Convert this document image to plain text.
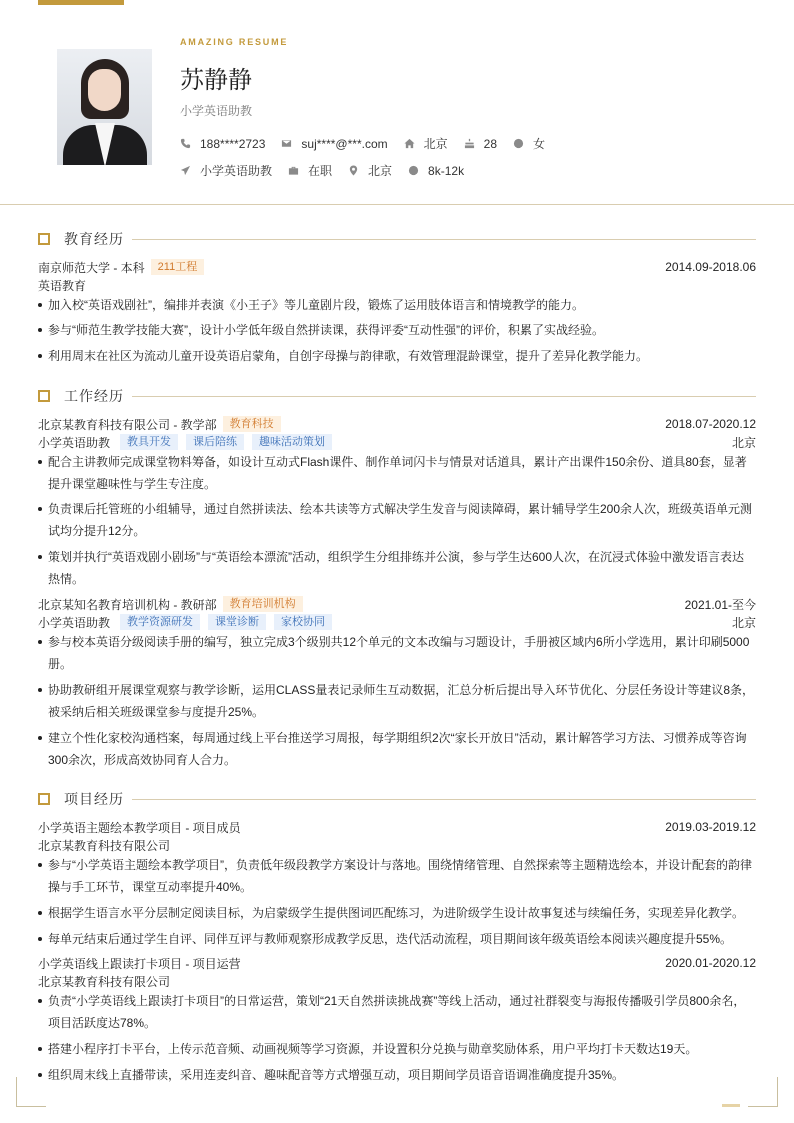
AMAZING RESUME
苏静静
小学英语助教
188****2723	suj****@***.com	北京	28	女
小学英语助教	在职	北京	8k-12k
教育经历
南京师范大学 - 本科	211工程	2014.09-2018.06
英语教育
加入校“英语戏剧社”，编排并表演《小王子》等儿童剧片段，锻炼了运用肢体语言和情境教学的能力。
参与“师范生教学技能大赛”，设计小学低年级自然拼读课，获得评委“互动性强”的评价，积累了实战经验。
利用周末在社区为流动儿童开设英语启蒙角，自创字母操与韵律歌，有效管理混龄课堂，提升了差异化教学能力。
工作经历
北京某教育科技有限公司 - 教学部	教育科技	2018.07-2020.12
小学英语助教	教具开发	课后陪练	趣味活动策划	北京
配合主讲教师完成课堂物料筹备，如设计互动式Flash课件、制作单词闪卡与情景对话道具，累计产出课件150余份、道具80套，显著
提升课堂趣味性与学生专注度。
负责课后托管班的小组辅导，通过自然拼读法、绘本共读等方式解决学生发音与阅读障碍，累计辅导学生200余人次，班级英语单元测
试均分提升12分。
策划并执行“英语戏剧小剧场”与“英语绘本漂流”活动，组织学生分组排练并公演，参与学生达600人次，在沉浸式体验中激发语言表达
热情。
北京某知名教育培训机构 - 教研部	教育培训机构	2021.01-至今
小学英语助教	教学资源研发	课堂诊断	家校协同	北京
参与校本英语分级阅读手册的编写，独立完成3个级别共12个单元的文本改编与习题设计，手册被区域内6所小学选用，累计印刷5000
册。
协助教研组开展课堂观察与教学诊断，运用CLASS量表记录师生互动数据，汇总分析后提出导入环节优化、分层任务设计等建议8条，
被采纳后相关班级课堂参与度提升25%。
建立个性化家校沟通档案，每周通过线上平台推送学习周报，每学期组织2次“家长开放日”活动，累计解答学习方法、习惯养成等咨询
300余次，形成高效协同育人合力。
项目经历
小学英语主题绘本教学项目 - 项目成员	2019.03-2019.12
北京某教育科技有限公司
参与“小学英语主题绘本教学项目”，负责低年级段教学方案设计与落地。围绕情绪管理、自然探索等主题精选绘本，并设计配套的韵律
操与手工环节，课堂互动率提升40%。
根据学生语言水平分层制定阅读目标，为启蒙级学生提供图词匹配练习，为进阶级学生设计故事复述与续编任务，实现差异化教学。
每单元结束后通过学生自评、同伴互评与教师观察形成教学反思，迭代活动流程，项目期间该年级英语绘本阅读兴趣度提升55%。
小学英语线上跟读打卡项目 - 项目运营	2020.01-2020.12
北京某教育科技有限公司
负责“小学英语线上跟读打卡项目”的日常运营，策划“21天自然拼读挑战赛”等线上活动，通过社群裂变与海报传播吸引学员800余名，
项目活跃度达78%。
搭建小程序打卡平台，上传示范音频、动画视频等学习资源，并设置积分兑换与勋章奖励体系，用户平均打卡天数达19天。
组织周末线上直播带读，采用连麦纠音、趣味配音等方式增强互动，项目期间学员语音语调准确度提升35%。
